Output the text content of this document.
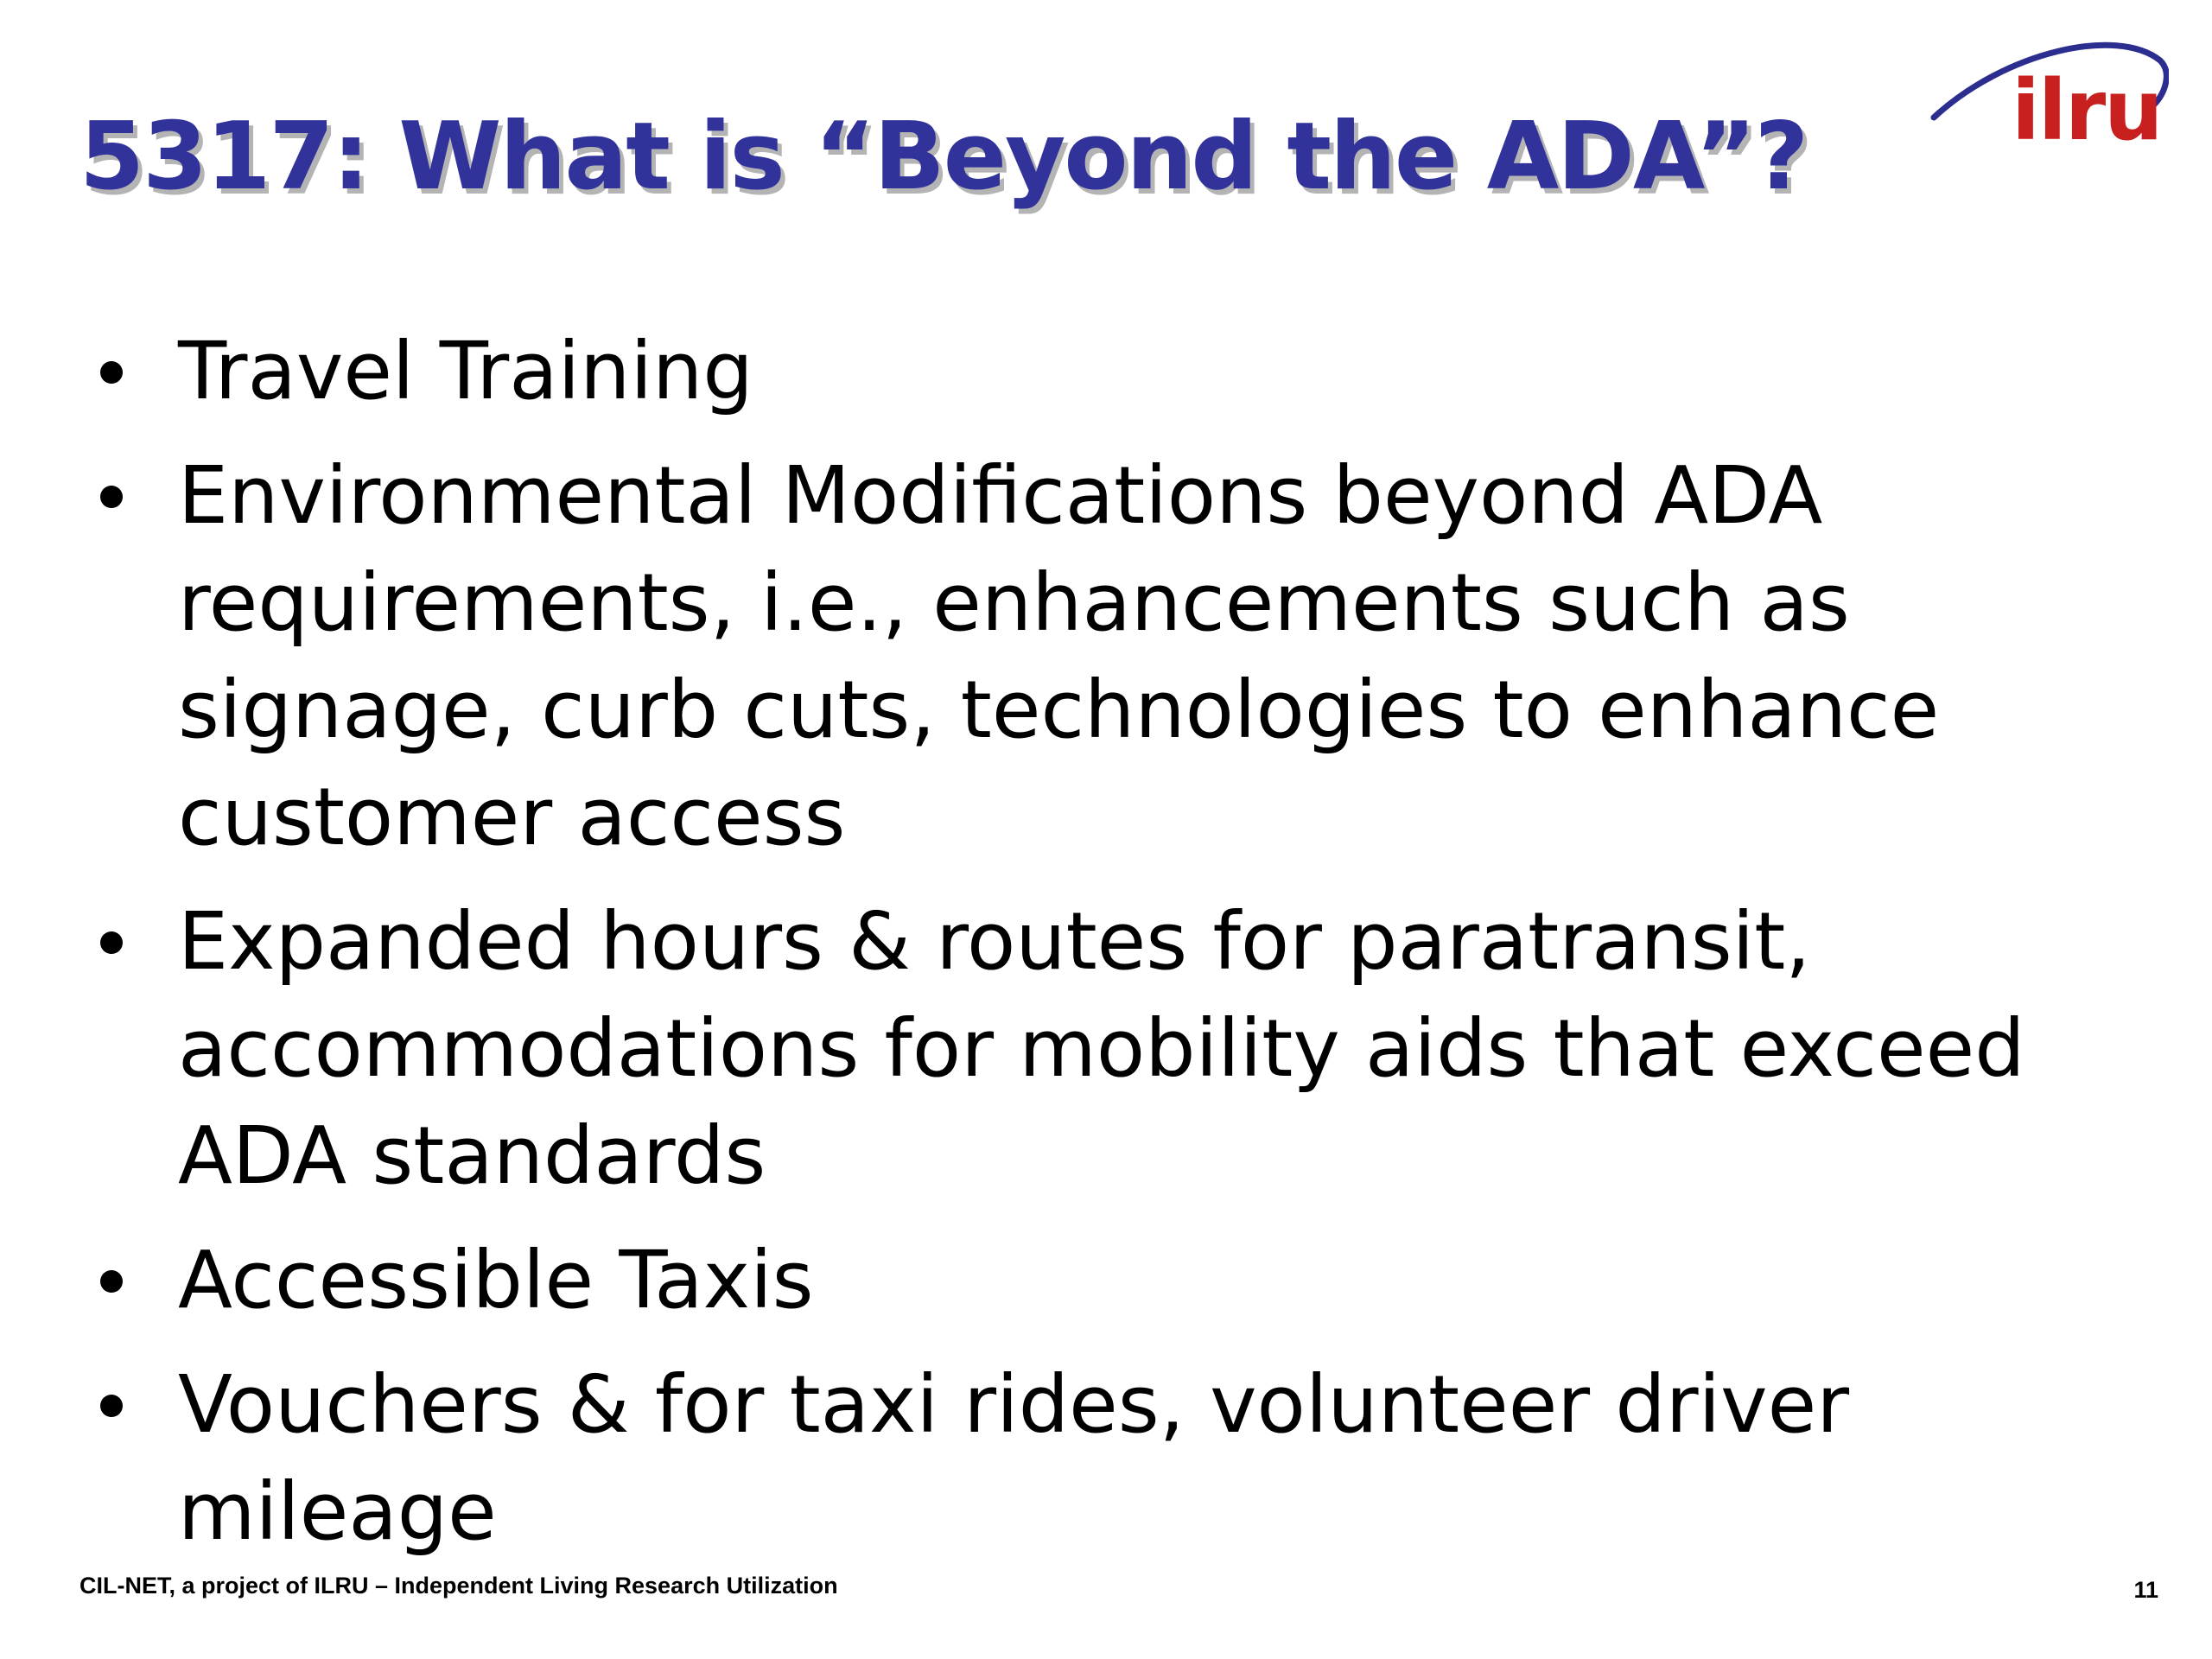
5317: What is “Beyond the ADA”? ilru
Travel Training
Environmental Modifications beyond ADA requirements, i.e., enhancements such as signage, curb cuts, technologies to enhance customer access
Expanded hours & routes for paratransit, accommodations for mobility aids that exceed ADA standards
Accessible Taxis
Vouchers & for taxi rides, volunteer driver mileage
CIL-NET, a project of ILRU – Independent Living Research Utilization	11
